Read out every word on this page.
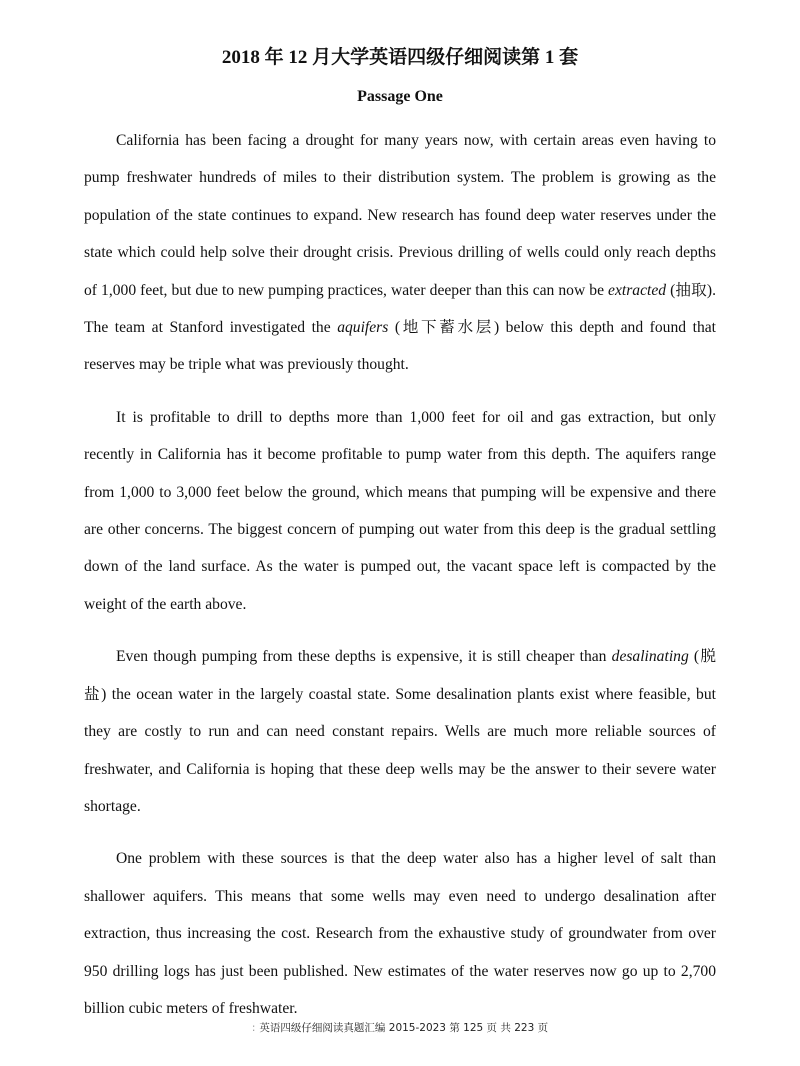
2018 年 12 月大学英语四级仔细阅读第 1 套
Passage One

California has been facing a drought for many years now, with certain areas even having to pump freshwater hundreds of miles to their distribution system. The problem is growing as the population of the state continues to expand. New research has found deep water reserves under the state which could help solve their drought crisis. Previous drilling of wells could only reach depths of 1,000 feet, but due to new pumping practices, water deeper than this can now be extracted (抽取). The team at Stanford investigated the aquifers (地下蓄水层) below this depth and found that reserves may be triple what was previously thought.

It is profitable to drill to depths more than 1,000 feet for oil and gas extraction, but only recently in California has it become profitable to pump water from this depth. The aquifers range from 1,000 to 3,000 feet below the ground, which means that pumping will be expensive and there are other concerns. The biggest concern of pumping out water from this deep is the gradual settling down of the land surface. As the water is pumped out, the vacant space left is compacted by the weight of the earth above.

Even though pumping from these depths is expensive, it is still cheaper than desalinating (脱盐) the ocean water in the largely coastal state. Some desalination plants exist where feasible, but they are costly to run and can need constant repairs. Wells are much more reliable sources of freshwater, and California is hoping that these deep wells may be the answer to their severe water shortage.

One problem with these sources is that the deep water also has a higher level of salt than shallower aquifers. This means that some wells may even need to undergo desalination after extraction, thus increasing the cost. Research from the exhaustive study of groundwater from over 950 drilling logs has just been published. New estimates of the water reserves now go up to 2,700 billion cubic meters of freshwater.

: 英语四级仔细阅读真题汇编 2015-2023 第 125 页 共 223 页
